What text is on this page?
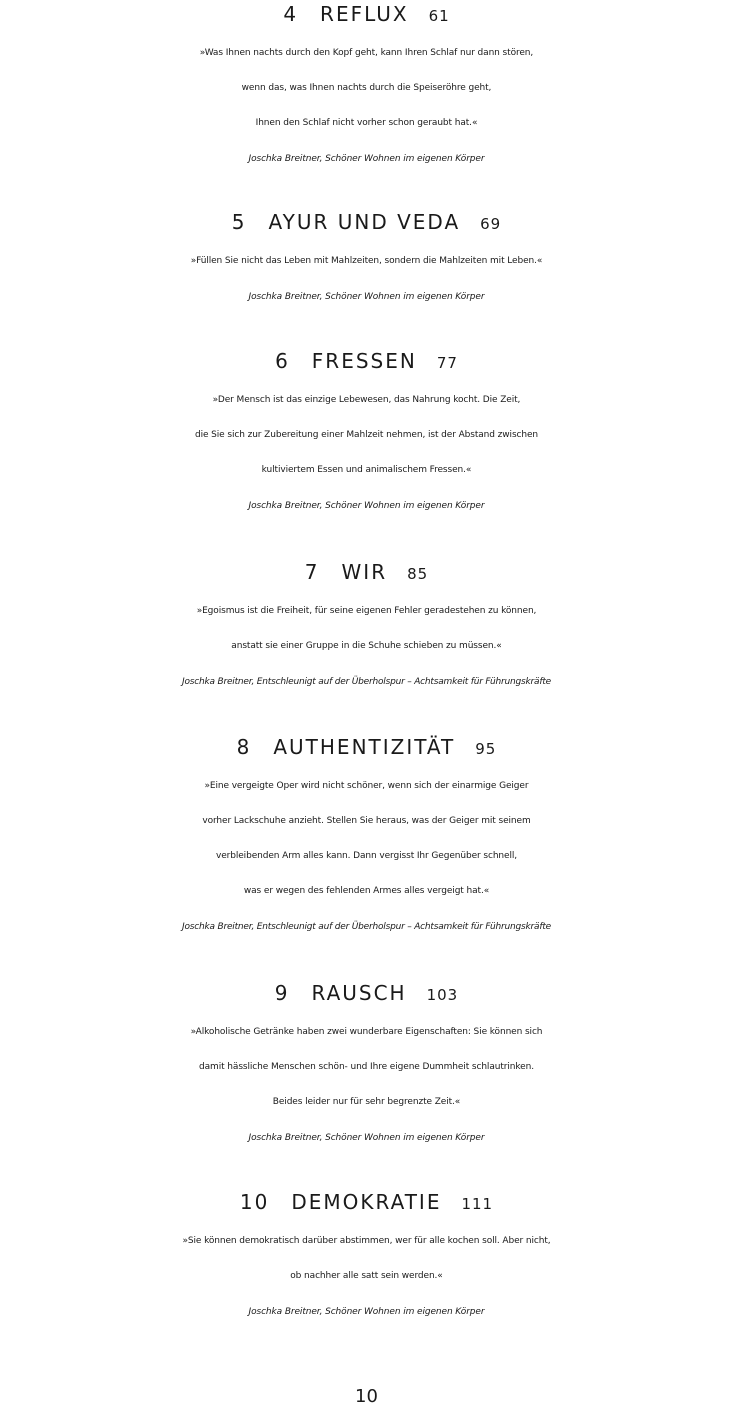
4 REFLUX 61
»Was Ihnen nachts durch den Kopf geht, kann Ihren Schlaf nur dann stören,
wenn das, was Ihnen nachts durch die Speiseröhre geht,
Ihnen den Schlaf nicht vorher schon geraubt hat.«
Joschka Breitner, Schöner Wohnen im eigenen Körper
5 AYUR UND VEDA 69
»Füllen Sie nicht das Leben mit Mahlzeiten, sondern die Mahlzeiten mit Leben.«
Joschka Breitner, Schöner Wohnen im eigenen Körper
6 FRESSEN 77
»Der Mensch ist das einzige Lebewesen, das Nahrung kocht. Die Zeit,
die Sie sich zur Zubereitung einer Mahlzeit nehmen, ist der Abstand zwischen
kultiviertem Essen und animalischem Fressen.«
Joschka Breitner, Schöner Wohnen im eigenen Körper
7 WIR 85
»Egoismus ist die Freiheit, für seine eigenen Fehler geradestehen zu können,
anstatt sie einer Gruppe in die Schuhe schieben zu müssen.«
Joschka Breitner, Entschleunigt auf der Überholspur – Achtsamkeit für Führungskräfte
8 AUTHENTIZITÄT 95
»Eine vergeigte Oper wird nicht schöner, wenn sich der einarmige Geiger
vorher Lackschuhe anzieht. Stellen Sie heraus, was der Geiger mit seinem
verbleibenden Arm alles kann. Dann vergisst Ihr Gegenüber schnell,
was er wegen des fehlenden Armes alles vergeigt hat.«
Joschka Breitner, Entschleunigt auf der Überholspur – Achtsamkeit für Führungskräfte
9 RAUSCH 103
»Alkoholische Getränke haben zwei wunderbare Eigenschaften: Sie können sich
damit hässliche Menschen schön- und Ihre eigene Dummheit schlautrinken.
Beides leider nur für sehr begrenzte Zeit.«
Joschka Breitner, Schöner Wohnen im eigenen Körper
10 DEMOKRATIE 111
»Sie können demokratisch darüber abstimmen, wer für alle kochen soll. Aber nicht,
ob nachher alle satt sein werden.«
Joschka Breitner, Schöner Wohnen im eigenen Körper
10
